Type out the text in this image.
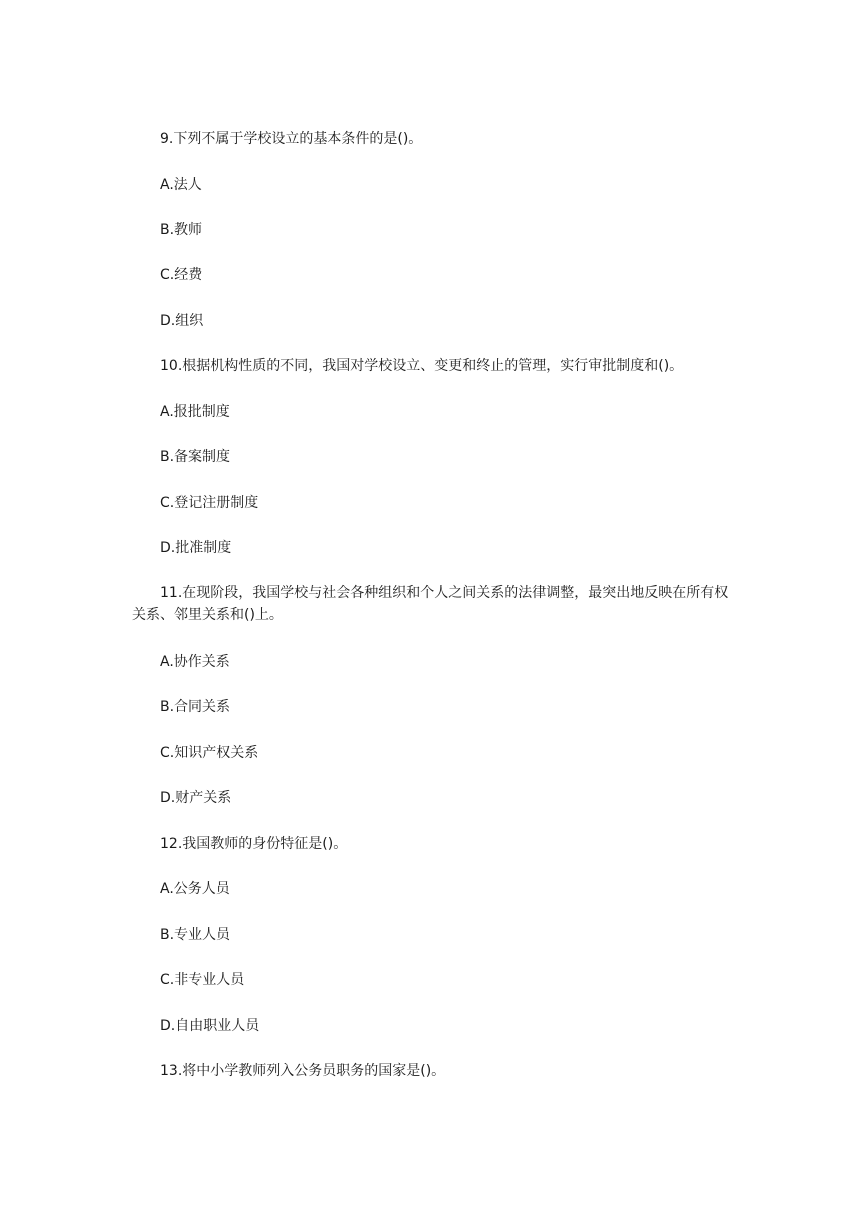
9.下列不属于学校设立的基本条件的是()。

A.法人

B.教师

C.经费

D.组织

10.根据机构性质的不同，我国对学校设立、变更和终止的管理，实行审批制度和()。

A.报批制度

B.备案制度

C.登记注册制度

D.批准制度

11.在现阶段，我国学校与社会各种组织和个人之间关系的法律调整，最突出地反映在所有权关系、邻里关系和()上。

A.协作关系

B.合同关系

C.知识产权关系

D.财产关系

12.我国教师的身份特征是()。

A.公务人员

B.专业人员

C.非专业人员

D.自由职业人员

13.将中小学教师列入公务员职务的国家是()。
